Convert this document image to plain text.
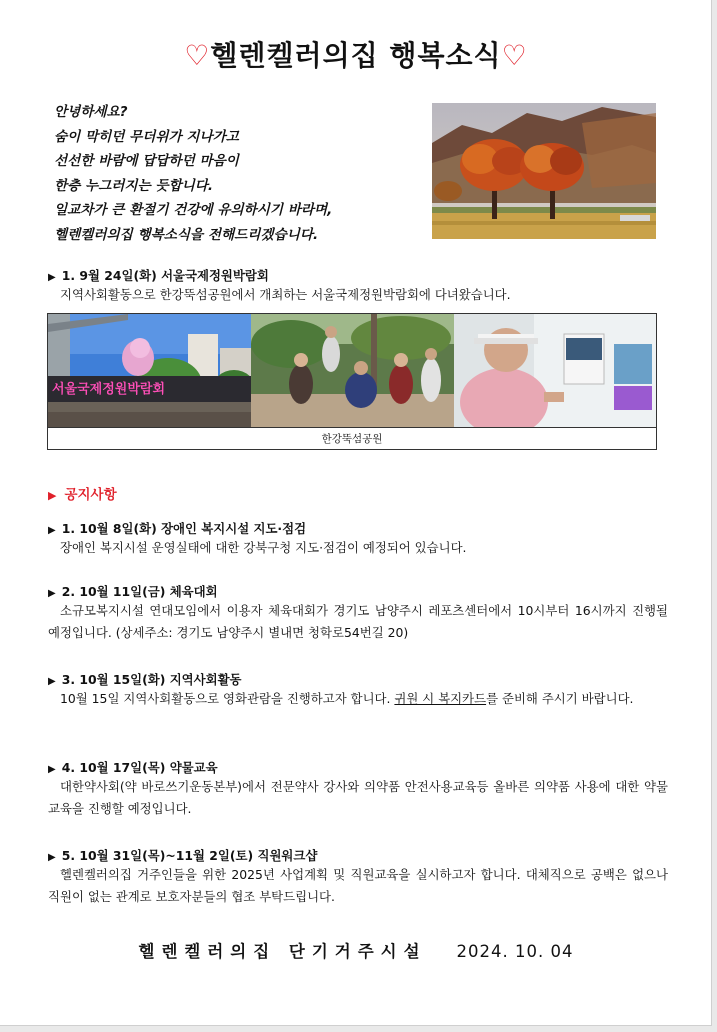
♡헬렌켈러의집 행복소식♡
안녕하세요?
숨이 막히던 무더위가 지나가고
선선한 바람에 답답하던 마음이
한층 누그러지는 듯합니다.
일교차가 큰 환절기 건강에 유의하시기 바라며,
헬렌켈러의집 행복소식을 전해드리겠습니다.
▶ 1. 9월 24일(화) 서울국제정원박람회
지역사회활동으로 한강뚝섬공원에서 개최하는 서울국제정원박람회에 다녀왔습니다.
서울국제정원박람회
한강뚝섬공원
▶ 공지사항
▶ 1. 10월 8일(화) 장애인 복지시설 지도·점검
장애인 복지시설 운영실태에 대한 강북구청 지도·점검이 예정되어 있습니다.
▶ 2. 10월 11일(금) 체육대회
소규모복지시설 연대모임에서 이용자 체육대회가 경기도 남양주시 레포츠센터에서 10시부터 16시까지 진행될 예정입니다. (상세주소: 경기도 남양주시 별내면 청학로54번길 20)
▶ 3. 10월 15일(화) 지역사회활동
10월 15일 지역사회활동으로 영화관람을 진행하고자 합니다. 귀원 시 복지카드를 준비해 주시기 바랍니다.
▶ 4. 10월 17일(목) 약물교육
대한약사회(약 바로쓰기운동본부)에서 전문약사 강사와 의약품 안전사용교육등 올바른 의약품 사용에 대한 약물교육을 진행할 예정입니다.
▶ 5. 10월 31일(목)~11월 2일(토) 직원워크샵
헬렌켈러의집 거주인들을 위한 2025년 사업계획 및 직원교육을 실시하고자 합니다. 대체직으로 공백은 없으나 직원이 없는 관계로 보호자분들의 협조 부탁드립니다.
헬렌켈러의집 단기거주시설 2024. 10. 04
